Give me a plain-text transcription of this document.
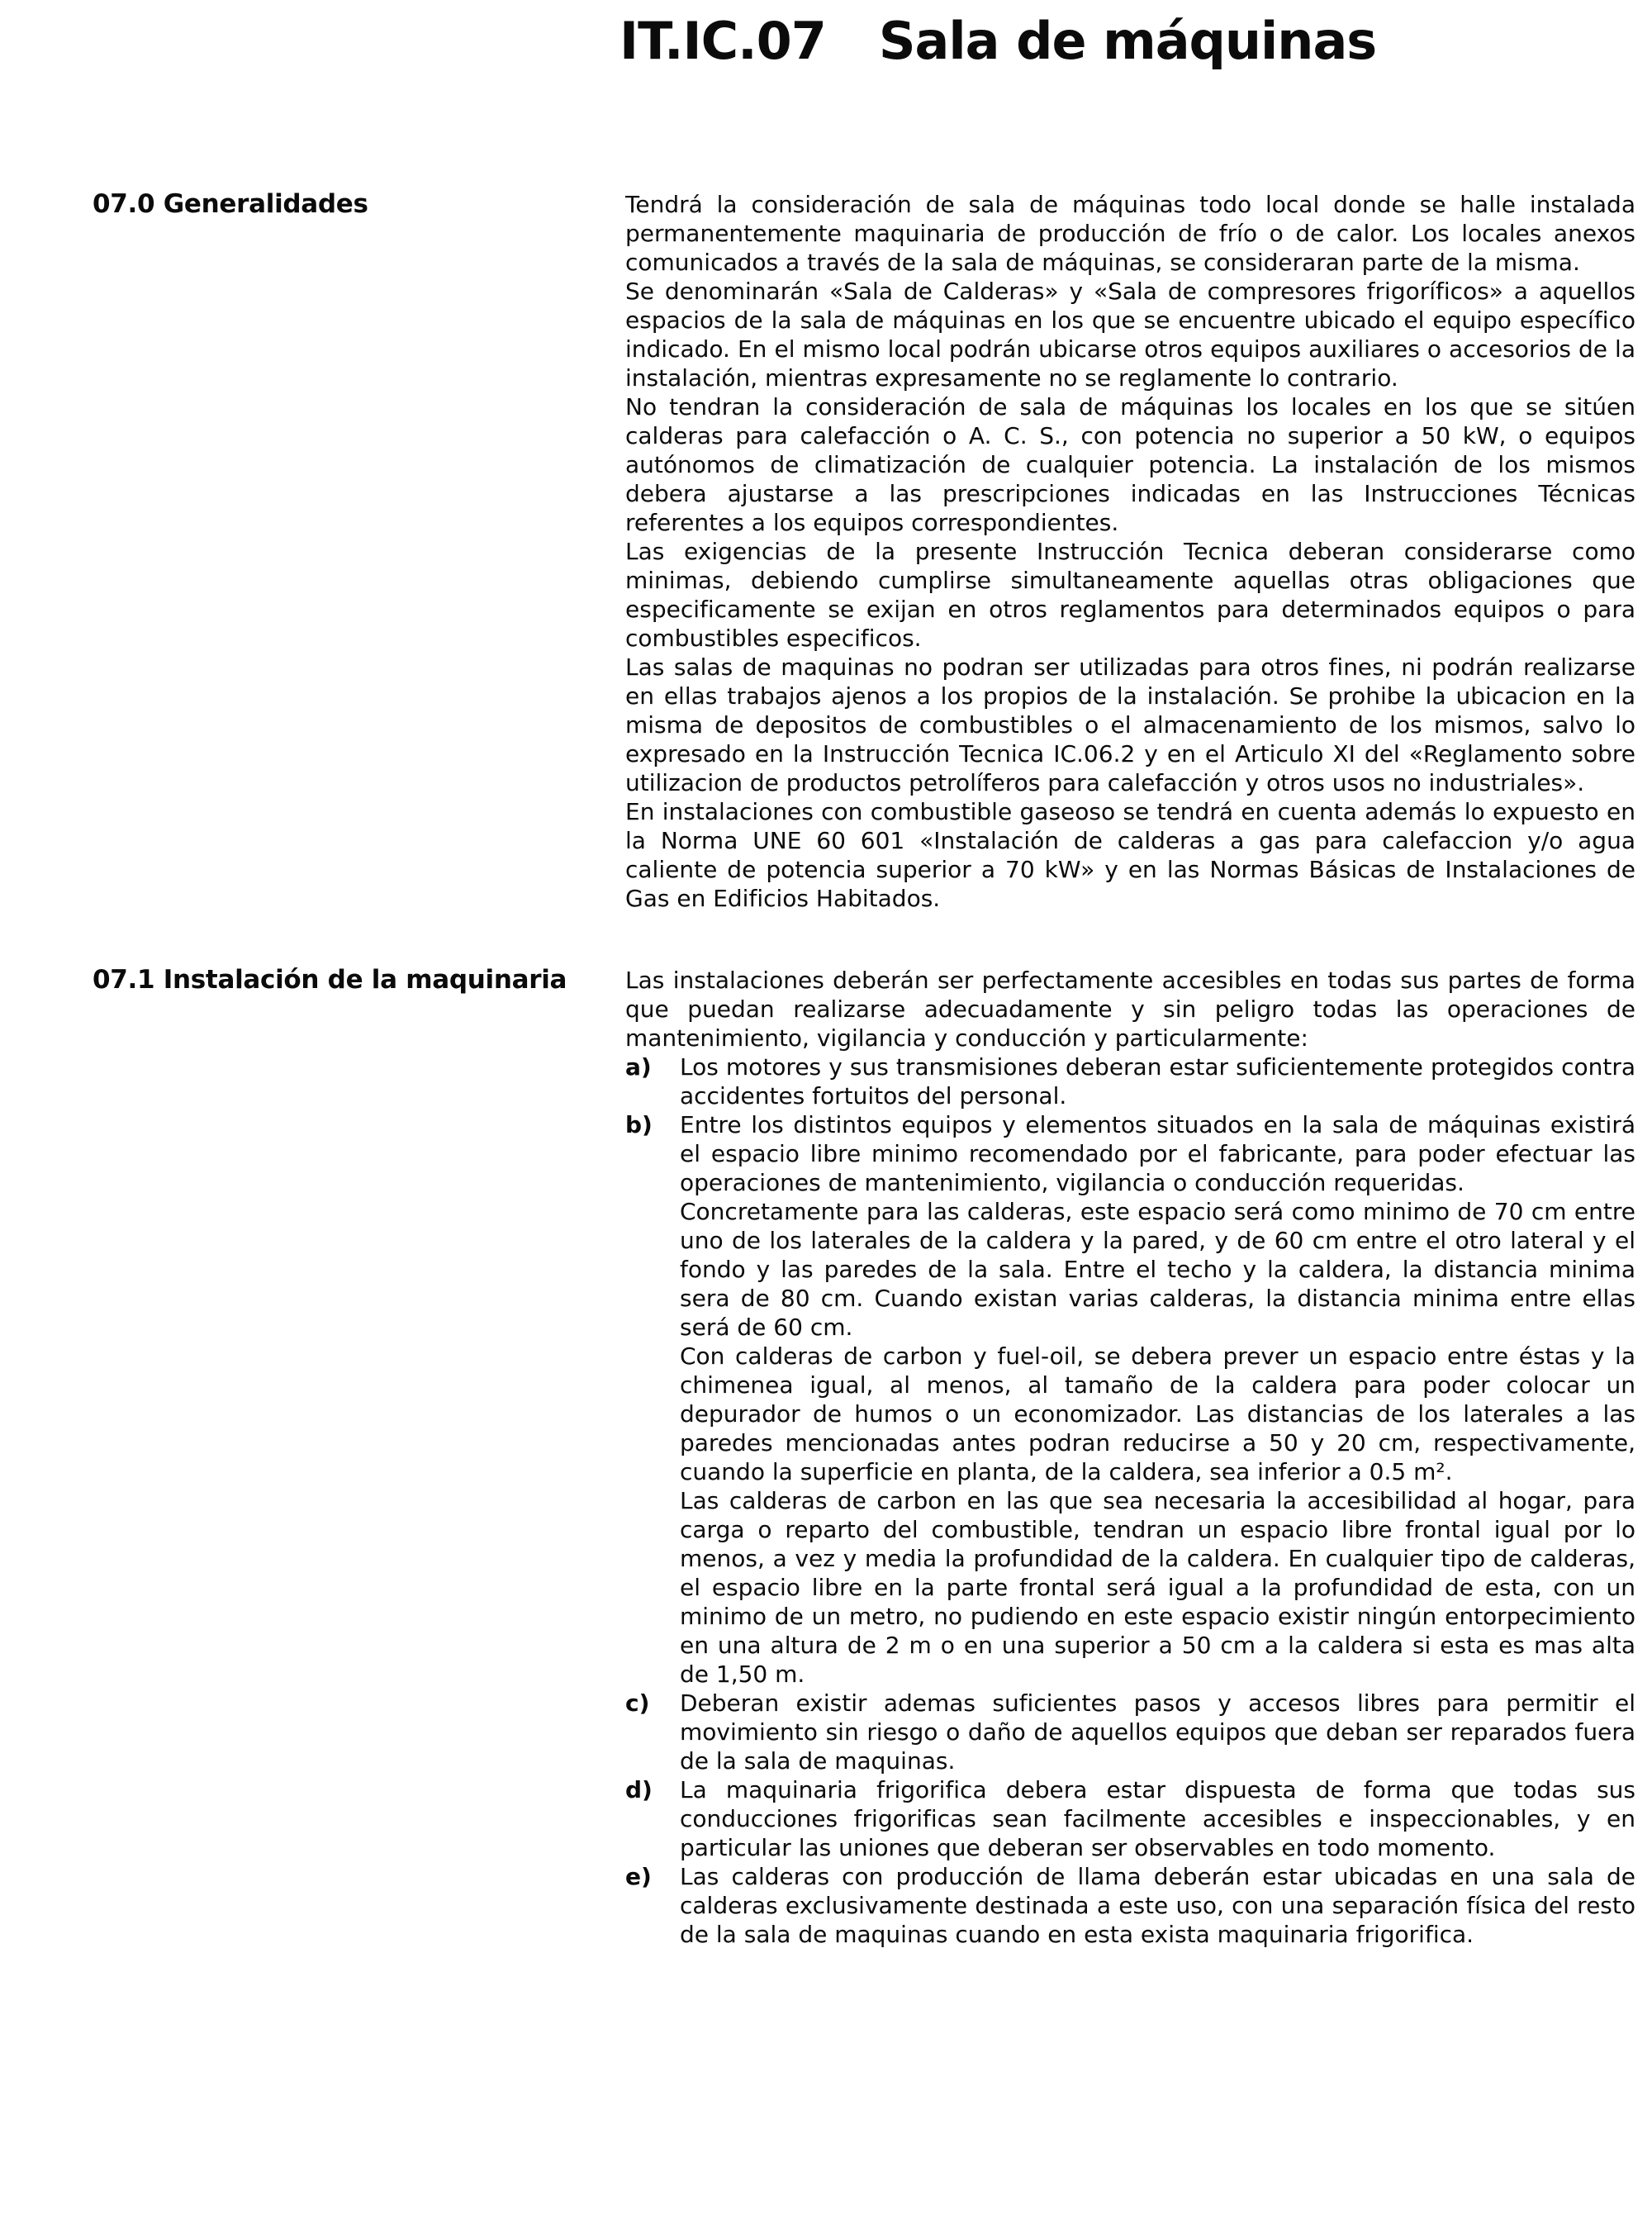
IT.IC.07 Sala de máquinas
07.0 Generalidades	Tendrá la consideración de sala de máquinas todo local donde se halle instalada permanentemente maquinaria de producción de frío o de calor. Los locales anexos comunicados a través de la sala de máquinas, se consideraran parte de la misma.

Se denominarán «Sala de Calderas» y «Sala de compresores frigoríficos» a aquellos espacios de la sala de máquinas en los que se encuentre ubicado el equipo específico indicado. En el mismo local podrán ubicarse otros equipos auxiliares o accesorios de la instalación, mientras expresamente no se reglamente lo contrario.

No tendran la consideración de sala de máquinas los locales en los que se sitúen calderas para calefacción o A. C. S., con potencia no superior a 50 kW, o equipos autónomos de climatización de cualquier potencia. La instalación de los mismos debera ajustarse a las prescripciones indicadas en las Instrucciones Técnicas referentes a los equipos correspondientes.

Las exigencias de la presente Instrucción Tecnica deberan considerarse como minimas, debiendo cumplirse simultaneamente aquellas otras obligaciones que especificamente se exijan en otros reglamentos para determinados equipos o para combustibles especificos.

Las salas de maquinas no podran ser utilizadas para otros fines, ni podrán realizarse en ellas trabajos ajenos a los propios de la instalación. Se prohibe la ubicacion en la misma de depositos de combustibles o el almacenamiento de los mismos, salvo lo expresado en la Instrucción Tecnica IC.06.2 y en el Articulo XI del «Reglamento sobre utilizacion de productos petrolíferos para calefacción y otros usos no industriales».

En instalaciones con combustible gaseoso se tendrá en cuenta además lo expuesto en la Norma UNE 60 601 «Instalación de calderas a gas para calefaccion y/o agua caliente de potencia superior a 70 kW» y en las Normas Básicas de Instalaciones de Gas en Edificios Habitados.

07.1 Instalación de la maquinaria	Las instalaciones deberán ser perfectamente accesibles en todas sus partes de forma que puedan realizarse adecuadamente y sin peligro todas las operaciones de mantenimiento, vigilancia y conducción y particularmente:

a) Los motores y sus transmisiones deberan estar suficientemente protegidos contra accidentes fortuitos del personal.

b) Entre los distintos equipos y elementos situados en la sala de máquinas existirá el espacio libre minimo recomendado por el fabricante, para poder efectuar las operaciones de mantenimiento, vigilancia o conducción requeridas.

Concretamente para las calderas, este espacio será como minimo de 70 cm entre uno de los laterales de la caldera y la pared, y de 60 cm entre el otro lateral y el fondo y las paredes de la sala. Entre el techo y la caldera, la distancia minima sera de 80 cm. Cuando existan varias calderas, la distancia minima entre ellas será de 60 cm.

Con calderas de carbon y fuel-oil, se debera prever un espacio entre éstas y la chimenea igual, al menos, al tamaño de la caldera para poder colocar un depurador de humos o un economizador. Las distancias de los laterales a las paredes mencionadas antes podran reducirse a 50 y 20 cm, respectivamente, cuando la superficie en planta, de la caldera, sea inferior a 0.5 m².

Las calderas de carbon en las que sea necesaria la accesibilidad al hogar, para carga o reparto del combustible, tendran un espacio libre frontal igual por lo menos, a vez y media la profundidad de la caldera. En cualquier tipo de calderas, el espacio libre en la parte frontal será igual a la profundidad de esta, con un minimo de un metro, no pudiendo en este espacio existir ningún entorpecimiento en una altura de 2 m o en una superior a 50 cm a la caldera si esta es mas alta de 1,50 m.

c) Deberan existir ademas suficientes pasos y accesos libres para permitir el movimiento sin riesgo o daño de aquellos equipos que deban ser reparados fuera de la sala de maquinas.

d) La maquinaria frigorifica debera estar dispuesta de forma que todas sus conducciones frigorificas sean facilmente accesibles e inspeccionables, y en particular las uniones que deberan ser observables en todo momento.

e) Las calderas con producción de llama deberán estar ubicadas en una sala de calderas exclusivamente destinada a este uso, con una separación física del resto de la sala de maquinas cuando en esta exista maquinaria frigorifica.
